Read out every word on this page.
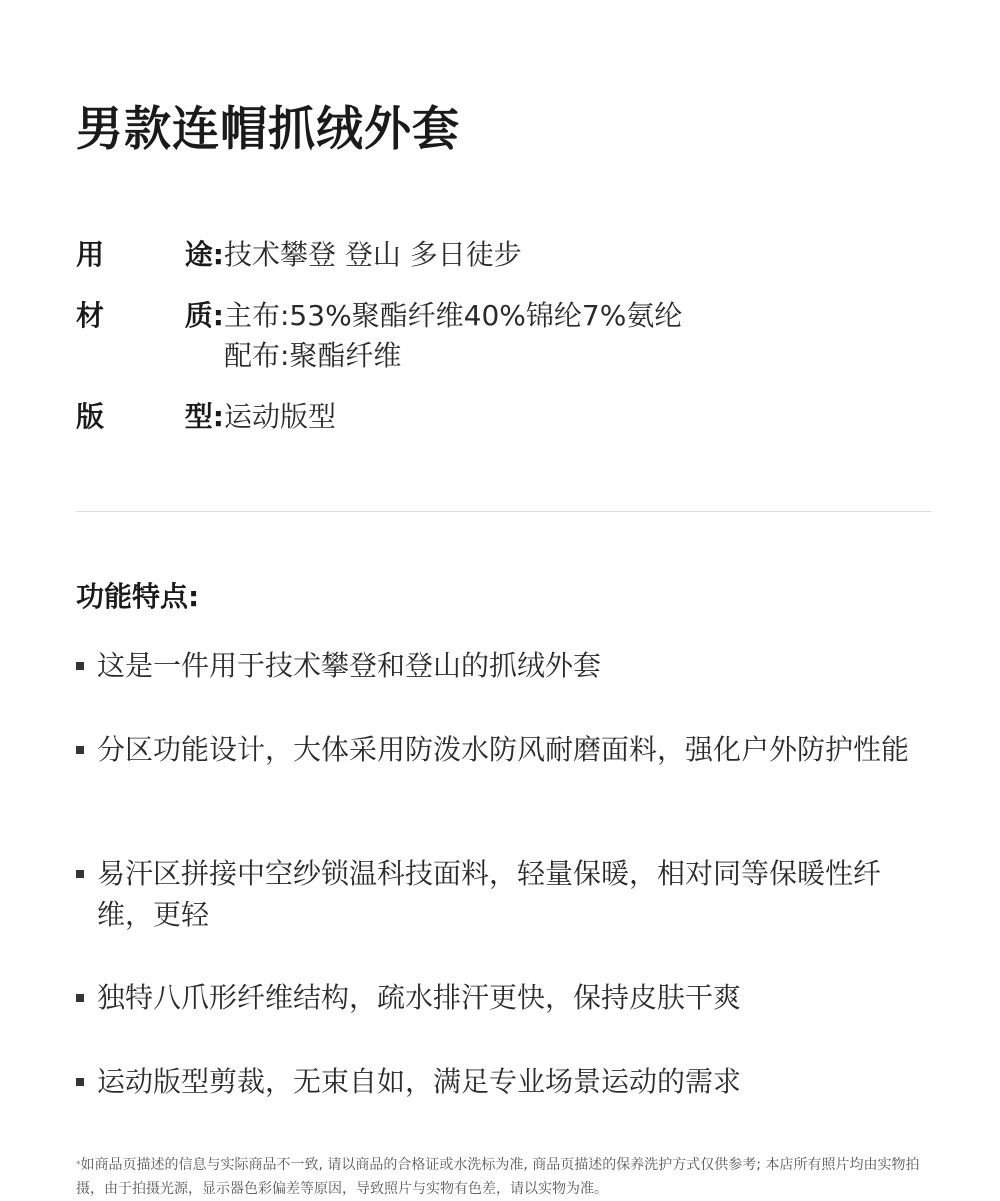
男款连帽抓绒外套
用	途: 技术攀登 登山 多日徒步
材	质: 主布:53%聚酯纤维40%锦纶7%氨纶
配布:聚酯纤维
版	型: 运动版型
功能特点:
这是一件用于技术攀登和登山的抓绒外套
分区功能设计，大体采用防泼水防风耐磨面料，强化户外防护性能
易汗区拼接中空纱锁温科技面料，轻量保暖，相对同等保暖性纤维，更轻
独特八爪形纤维结构，疏水排汗更快，保持皮肤干爽
运动版型剪裁，无束自如，满足专业场景运动的需求
*如商品页描述的信息与实际商品不一致, 请以商品的合格证或水洗标为准, 商品页描述的保养洗护方式仅供参考; 本店所有照片均由实物拍摄，由于拍摄光源，显示器色彩偏差等原因，导致照片与实物有色差，请以实物为准。
